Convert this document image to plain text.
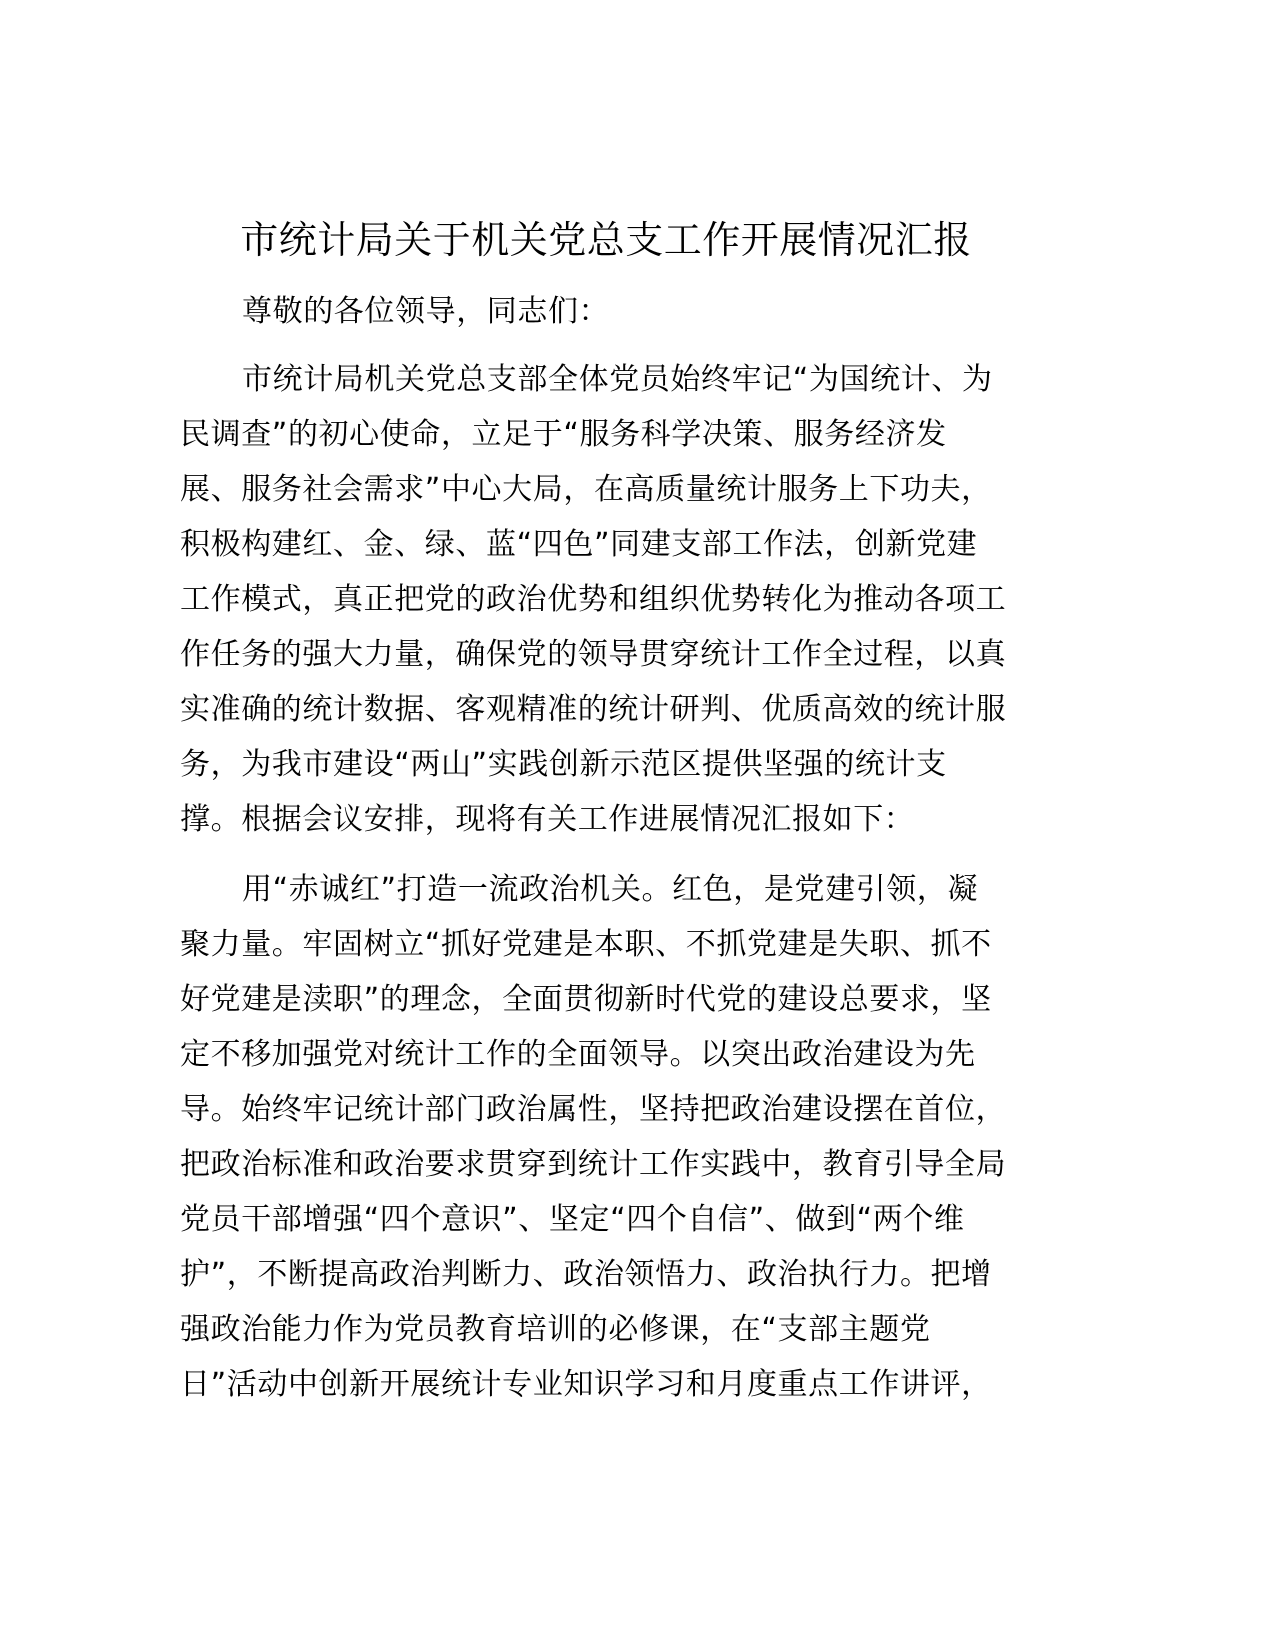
市统计局关于机关党总支工作开展情况汇报
尊敬的各位领导，同志们：
市统计局机关党总支部全体党员始终牢记“为国统计、为
民调查”的初心使命，立足于“服务科学决策、服务经济发
展、服务社会需求”中心大局，在高质量统计服务上下功夫，
积极构建红、金、绿、蓝“四色”同建支部工作法，创新党建
工作模式，真正把党的政治优势和组织优势转化为推动各项工
作任务的强大力量，确保党的领导贯穿统计工作全过程，以真
实准确的统计数据、客观精准的统计研判、优质高效的统计服
务，为我市建设“两山”实践创新示范区提供坚强的统计支
撑。根据会议安排，现将有关工作进展情况汇报如下：
用“赤诚红”打造一流政治机关。红色，是党建引领，凝
聚力量。牢固树立“抓好党建是本职、不抓党建是失职、抓不
好党建是渎职”的理念，全面贯彻新时代党的建设总要求，坚
定不移加强党对统计工作的全面领导。以突出政治建设为先
导。始终牢记统计部门政治属性，坚持把政治建设摆在首位，
把政治标准和政治要求贯穿到统计工作实践中，教育引导全局
党员干部增强“四个意识”、坚定“四个自信”、做到“两个维
护”，不断提高政治判断力、政治领悟力、政治执行力。把增
强政治能力作为党员教育培训的必修课，在“支部主题党
日”活动中创新开展统计专业知识学习和月度重点工作讲评，
